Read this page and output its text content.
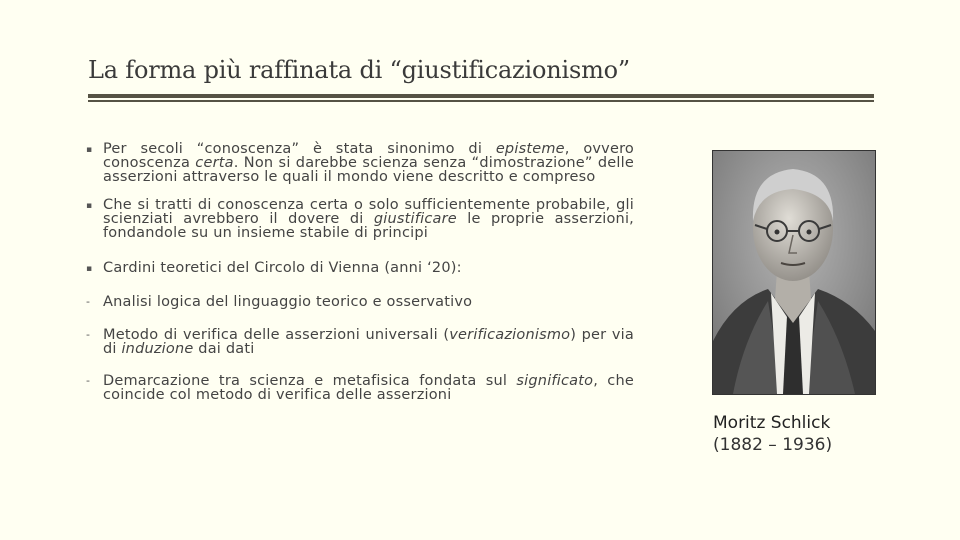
La forma più raffinata di “giustificazionismo”
▪ Per secoli “conoscenza” è stata sinonimo di episteme, ovvero conoscenza certa. Non si darebbe scienza senza “dimostrazione” delle asserzioni attraverso le quali il mondo viene descritto e compreso
▪ Che si tratti di conoscenza certa o solo sufficientemente probabile, gli scienziati avrebbero il dovere di giustificare le proprie asserzioni, fondandole su un insieme stabile di principi
▪ Cardini teoretici del Circolo di Vienna (anni ‘20):
- Analisi logica del linguaggio teorico e osservativo
- Metodo di verifica delle asserzioni universali (verificazionismo) per via di induzione dai dati
- Demarcazione tra scienza e metafisica fondata sul significato, che coincide col metodo di verifica delle asserzioni
Moritz Schlick
(1882 – 1936)
